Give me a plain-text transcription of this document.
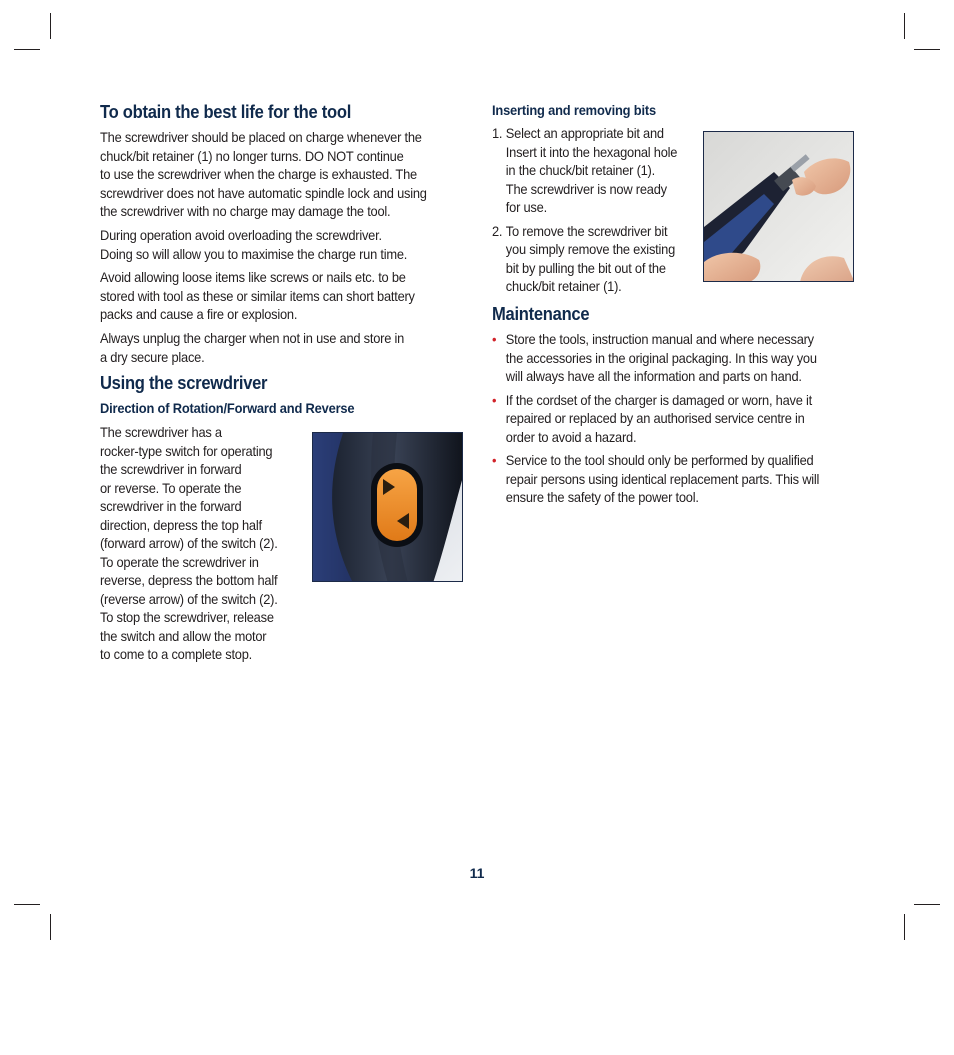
To obtain the best life for the tool
The screwdriver should be placed on charge whenever the
chuck/bit retainer (1) no longer turns. DO NOT continue
to use the screwdriver when the charge is exhausted. The
screwdriver does not have automatic spindle lock and using
the screwdriver with no charge may damage the tool.
During operation avoid overloading the screwdriver.
Doing so will allow you to maximise the charge run time.
Avoid allowing loose items like screws or nails etc. to be
stored with tool as these or similar items can short battery
packs and cause a fire or explosion.
Always unplug the charger when not in use and store in
a dry secure place.
Using the screwdriver
Direction of Rotation/Forward and Reverse
The screwdriver has a
rocker-type switch for operating
the screwdriver in forward
or reverse. To operate the
screwdriver in the forward
direction, depress the top half
(forward arrow) of the switch (2).
To operate the screwdriver in
reverse, depress the bottom half
(reverse arrow) of the switch (2).
To stop the screwdriver, release
the switch and allow the motor
to come to a complete stop.
Inserting and removing bits
1. Select an appropriate bit and
Insert it into the hexagonal hole
in the chuck/bit retainer (1).
The screwdriver is now ready
for use.
2. To remove the screwdriver bit
you simply remove the existing
bit by pulling the bit out of the
chuck/bit retainer (1).
Maintenance
• Store the tools, instruction manual and where necessary
the accessories in the original packaging. In this way you
will always have all the information and parts on hand.
• If the cordset of the charger is damaged or worn, have it
repaired or replaced by an authorised service centre in
order to avoid a hazard.
• Service to the tool should only be performed by qualified
repair persons using identical replacement parts. This will
ensure the safety of the power tool.
11
